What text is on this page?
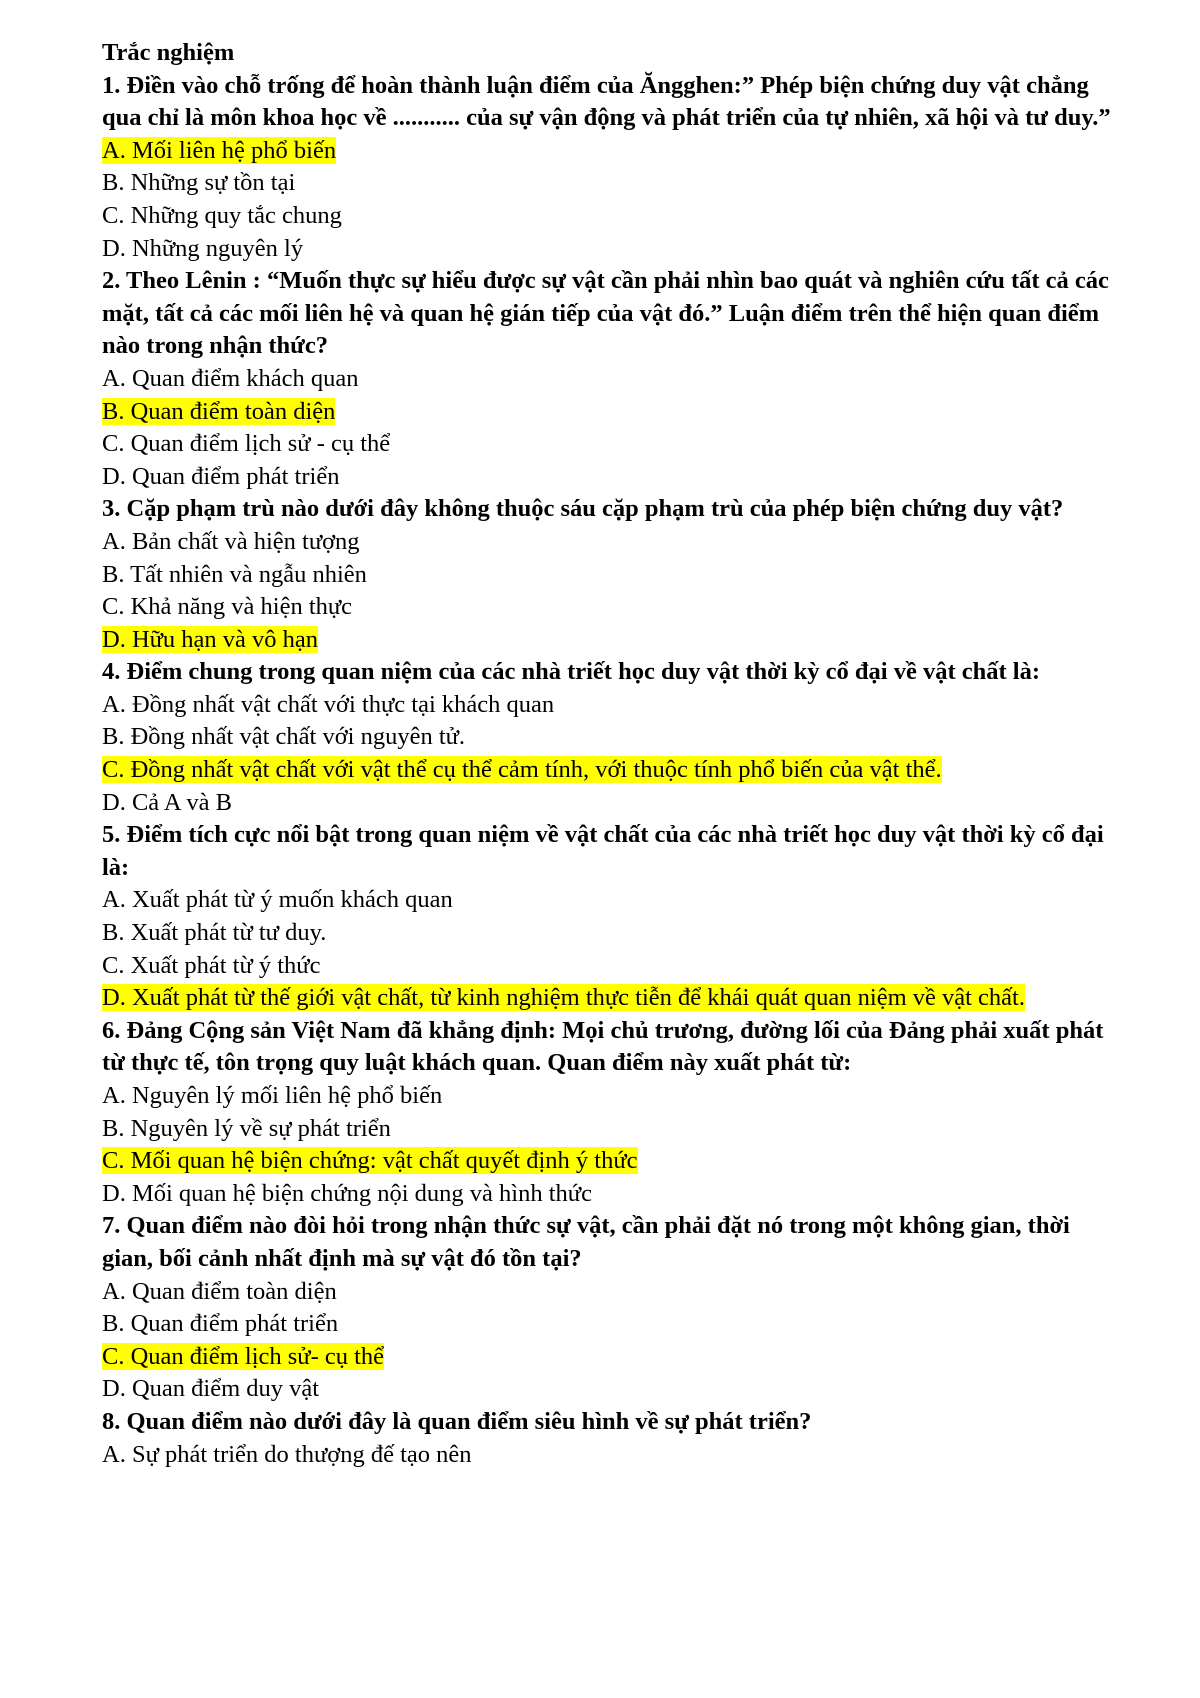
Trắc nghiệm
1. Điền vào chỗ trống để hoàn thành luận điểm của Ăngghen:” Phép biện chứng duy vật chẳng qua chỉ là môn khoa học về ........... của sự vận động và phát triển của tự nhiên, xã hội và tư duy.”
A. Mối liên hệ phổ biến
B. Những sự tồn tại
C. Những quy tắc chung
D. Những nguyên lý
2. Theo Lênin : “Muốn thực sự hiểu được sự vật cần phải nhìn bao quát và nghiên cứu tất cả các mặt, tất cả các mối liên hệ và quan hệ gián tiếp của vật đó.” Luận điểm trên thể hiện quan điểm nào trong nhận thức?
A. Quan điểm khách quan
B. Quan điểm toàn diện
C. Quan điểm lịch sử - cụ thể
D. Quan điểm phát triển
3. Cặp phạm trù nào dưới đây không thuộc sáu cặp phạm trù của phép biện chứng duy vật?
A. Bản chất và hiện tượng
B. Tất nhiên và ngẫu nhiên
C. Khả năng và hiện thực
D. Hữu hạn và vô hạn
4. Điểm chung trong quan niệm của các nhà triết học duy vật thời kỳ cổ đại về vật chất là:
A. Đồng nhất vật chất với thực tại khách quan
B. Đồng nhất vật chất với nguyên tử.
C. Đồng nhất vật chất với vật thể cụ thể cảm tính, với thuộc tính phổ biến của vật thể.
D. Cả A và B
5. Điểm tích cực nổi bật trong quan niệm về vật chất của các nhà triết học duy vật thời kỳ cổ đại là:
A. Xuất phát từ ý muốn khách quan
B. Xuất phát từ tư duy.
C. Xuất phát từ ý thức
D. Xuất phát từ thế giới vật chất, từ kinh nghiệm thực tiễn để khái quát quan niệm về vật chất.
6. Đảng Cộng sản Việt Nam đã khẳng định: Mọi chủ trương, đường lối của Đảng phải xuất phát từ thực tế, tôn trọng quy luật khách quan. Quan điểm này xuất phát từ:
A. Nguyên lý mối liên hệ phổ biến
B. Nguyên lý về sự phát triển
C. Mối quan hệ biện chứng: vật chất quyết định ý thức
D. Mối quan hệ biện chứng nội dung và hình thức
7. Quan điểm nào đòi hỏi trong nhận thức sự vật, cần phải đặt nó trong một không gian, thời gian, bối cảnh nhất định mà sự vật đó tồn tại?
A. Quan điểm toàn diện
B. Quan điểm phát triển
C. Quan điểm lịch sử- cụ thể
D. Quan điểm duy vật
8. Quan điểm nào dưới đây là quan điểm siêu hình về sự phát triển?
A. Sự phát triển do thượng đế tạo nên
